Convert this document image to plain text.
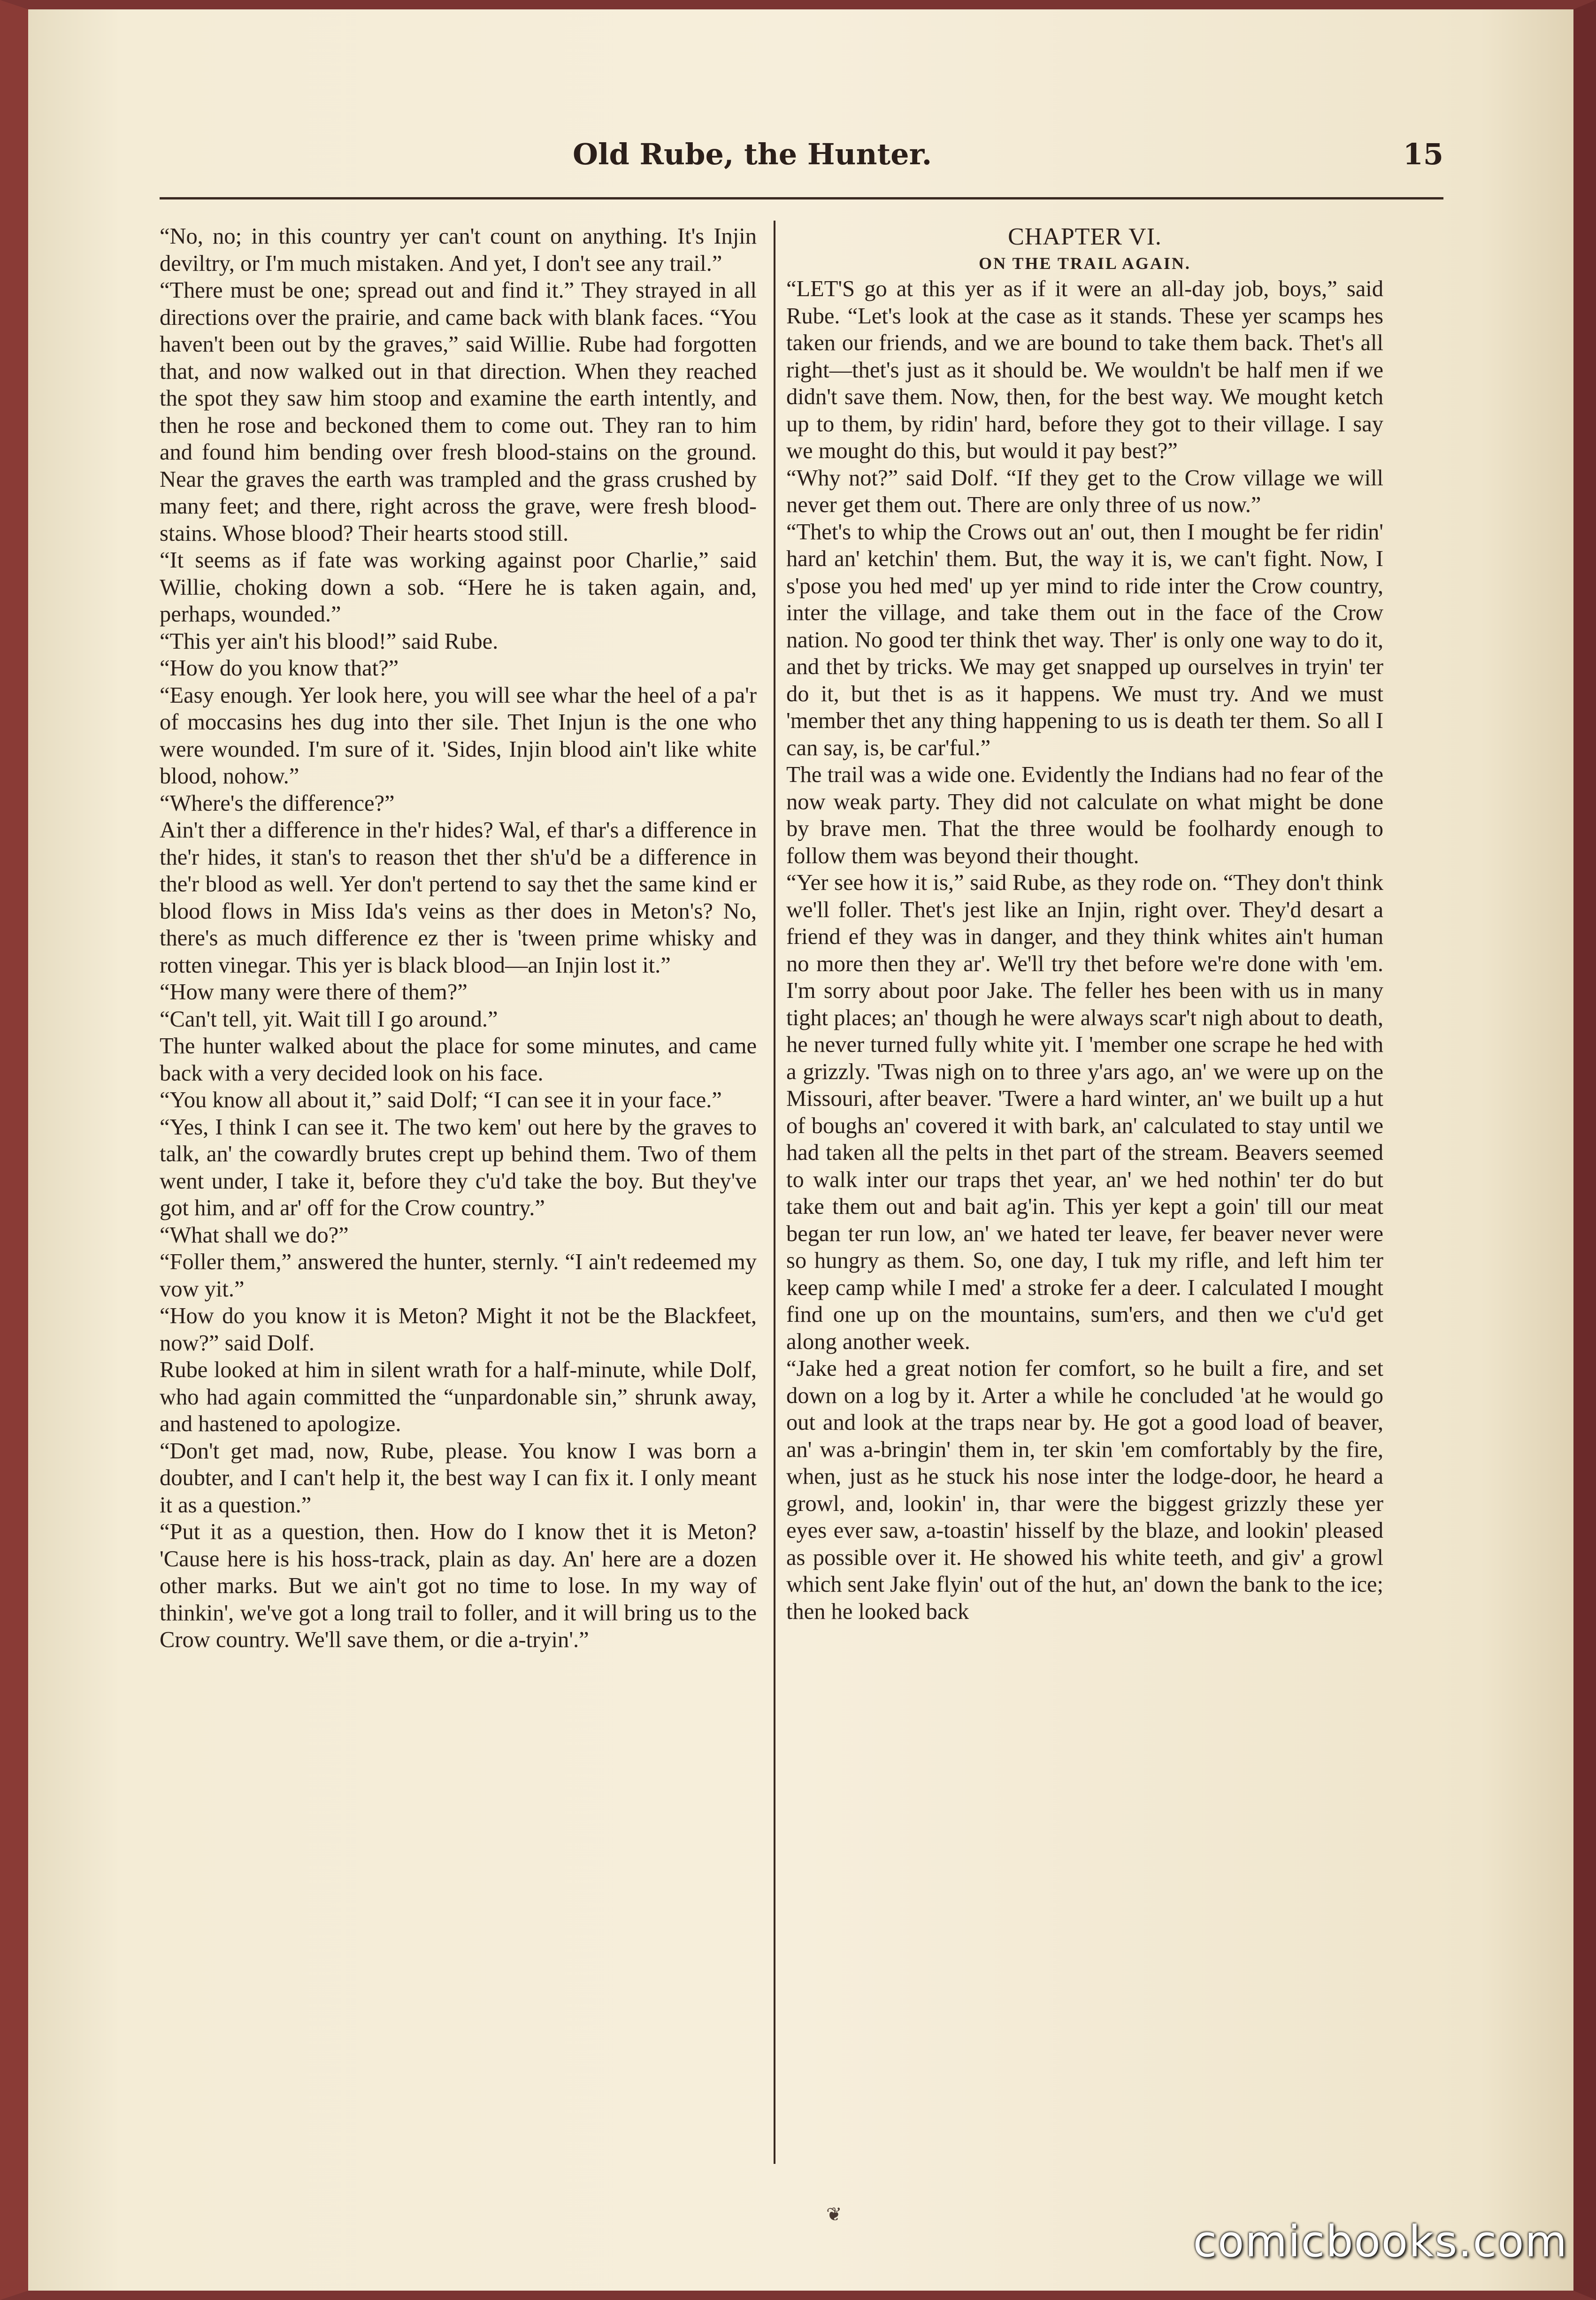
Old Rube, the Hunter.	15

“No, no; in this country yer can't count on anything. It's Injin deviltry, or I'm much mistaken. And yet, I don't see any trail.”

“There must be one; spread out and find it.” They strayed in all directions over the prairie, and came back with blank faces. “You haven't been out by the graves,” said Willie. Rube had forgotten that, and now walked out in that direction. When they reached the spot they saw him stoop and examine the earth intently, and then he rose and beckoned them to come out. They ran to him and found him bending over fresh blood-stains on the ground. Near the graves the earth was trampled and the grass crushed by many feet; and there, right across the grave, were fresh blood-stains. Whose blood? Their hearts stood still.

“It seems as if fate was working against poor Charlie,” said Willie, choking down a sob. “Here he is taken again, and, perhaps, wounded.”

“This yer ain't his blood!” said Rube.

“How do you know that?”

“Easy enough. Yer look here, you will see whar the heel of a pa'r of moccasins hes dug into ther sile. Thet Injun is the one who were wounded. I'm sure of it. 'Sides, Injin blood ain't like white blood, nohow.”

“Where's the difference?”

Ain't ther a difference in the'r hides? Wal, ef thar's a difference in the'r hides, it stan's to reason thet ther sh'u'd be a difference in the'r blood as well. Yer don't pertend to say thet the same kind er blood flows in Miss Ida's veins as ther does in Meton's? No, there's as much difference ez ther is 'tween prime whisky and rotten vinegar. This yer is black blood—an Injin lost it.”

“How many were there of them?”

“Can't tell, yit. Wait till I go around.”

The hunter walked about the place for some minutes, and came back with a very decided look on his face.

“You know all about it,” said Dolf; “I can see it in your face.”

“Yes, I think I can see it. The two kem' out here by the graves to talk, an' the cowardly brutes crept up behind them. Two of them went under, I take it, before they c'u'd take the boy. But they've got him, and ar' off for the Crow country.”

“What shall we do?”

“Foller them,” answered the hunter, sternly. “I ain't redeemed my vow yit.”

“How do you know it is Meton? Might it not be the Blackfeet, now?” said Dolf.

Rube looked at him in silent wrath for a half-minute, while Dolf, who had again committed the “unpardonable sin,” shrunk away, and hastened to apologize.

“Don't get mad, now, Rube, please. You know I was born a doubter, and I can't help it, the best way I can fix it. I only meant it as a question.”

“Put it as a question, then. How do I know thet it is Meton? 'Cause here is his hoss-track, plain as day. An' here are a dozen other marks. But we ain't got no time to lose. In my way of thinkin', we've got a long trail to foller, and it will bring us to the Crow country. We'll save them, or die a-tryin'.”

CHAPTER VI.
ON THE TRAIL AGAIN.

“LET'S go at this yer as if it were an all-day job, boys,” said Rube. “Let's look at the case as it stands. These yer scamps hes taken our friends, and we are bound to take them back. Thet's all right—thet's just as it should be. We wouldn't be half men if we didn't save them. Now, then, for the best way. We mought ketch up to them, by ridin' hard, before they got to their village. I say we mought do this, but would it pay best?”

“Why not?” said Dolf. “If they get to the Crow village we will never get them out. There are only three of us now.”

“Thet's to whip the Crows out an' out, then I mought be fer ridin' hard an' ketchin' them. But, the way it is, we can't fight. Now, I s'pose you hed med' up yer mind to ride inter the Crow country, inter the village, and take them out in the face of the Crow nation. No good ter think thet way. Ther' is only one way to do it, and thet by tricks. We may get snapped up ourselves in tryin' ter do it, but thet is as it happens. We must try. And we must 'member thet any thing happening to us is death ter them. So all I can say, is, be car'ful.”

The trail was a wide one. Evidently the Indians had no fear of the now weak party. They did not calculate on what might be done by brave men. That the three would be foolhardy enough to follow them was beyond their thought.

“Yer see how it is,” said Rube, as they rode on. “They don't think we'll foller. Thet's jest like an Injin, right over. They'd desart a friend ef they was in danger, and they think whites ain't human no more then they ar'. We'll try thet before we're done with 'em. I'm sorry about poor Jake. The feller hes been with us in many tight places; an' though he were always scar't nigh about to death, he never turned fully white yit. I 'member one scrape he hed with a grizzly. 'Twas nigh on to three y'ars ago, an' we were up on the Missouri, after beaver. 'Twere a hard winter, an' we built up a hut of boughs an' covered it with bark, an' calculated to stay until we had taken all the pelts in thet part of the stream. Beavers seemed to walk inter our traps thet year, an' we hed nothin' ter do but take them out and bait ag'in. This yer kept a goin' till our meat began ter run low, an' we hated ter leave, fer beaver never were so hungry as them. So, one day, I tuk my rifle, and left him ter keep camp while I med' a stroke fer a deer. I calculated I mought find one up on the mountains, sum'ers, and then we c'u'd get along another week.

“Jake hed a great notion fer comfort, so he built a fire, and set down on a log by it. Arter a while he concluded 'at he would go out and look at the traps near by. He got a good load of beaver, an' was a-bringin' them in, ter skin 'em comfortably by the fire, when, just as he stuck his nose inter the lodge-door, he heard a growl, and, lookin' in, thar were the biggest grizzly these yer eyes ever saw, a-toastin' hisself by the blaze, and lookin' pleased as possible over it. He showed his white teeth, and giv' a growl which sent Jake flyin' out of the hut, an' down the bank to the ice; then he looked back

❦
comicbooks.com
